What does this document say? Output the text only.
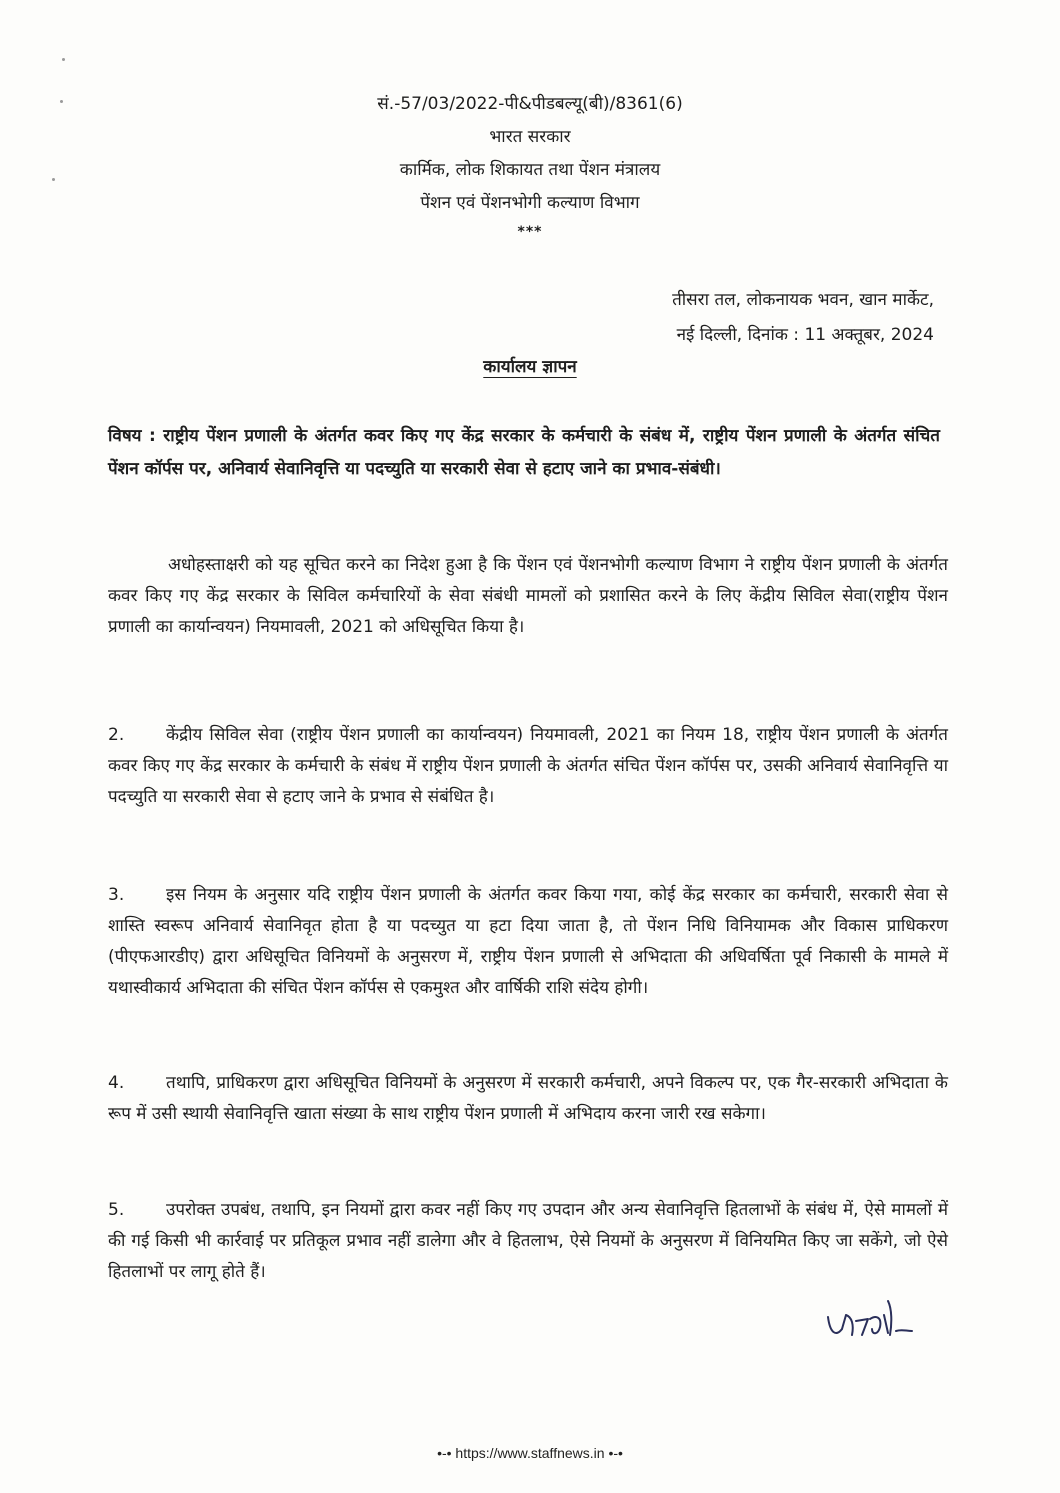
सं.-57/03/2022-पी&पीडबल्यू(बी)/8361(6)
भारत सरकार
कार्मिक, लोक शिकायत तथा पेंशन मंत्रालय
पेंशन एवं पेंशनभोगी कल्याण विभाग
***
तीसरा तल, लोकनायक भवन, खान मार्केट,
नई दिल्ली, दिनांक : 11 अक्तूबर, 2024
कार्यालय ज्ञापन
विषय : राष्ट्रीय पेंशन प्रणाली के अंतर्गत कवर किए गए केंद्र सरकार के कर्मचारी के संबंध में, राष्ट्रीय पेंशन प्रणाली के अंतर्गत संचित पेंशन कॉर्पस पर, अनिवार्य सेवानिवृत्ति या पदच्युति या सरकारी सेवा से हटाए जाने का प्रभाव-संबंधी।
अधोहस्ताक्षरी को यह सूचित करने का निदेश हुआ है कि पेंशन एवं पेंशनभोगी कल्याण विभाग ने राष्ट्रीय पेंशन प्रणाली के अंतर्गत कवर किए गए केंद्र सरकार के सिविल कर्मचारियों के सेवा संबंधी मामलों को प्रशासित करने के लिए केंद्रीय सिविल सेवा(राष्ट्रीय पेंशन प्रणाली का कार्यान्वयन) नियमावली, 2021 को अधिसूचित किया है।
2. केंद्रीय सिविल सेवा (राष्ट्रीय पेंशन प्रणाली का कार्यान्वयन) नियमावली, 2021 का नियम 18, राष्ट्रीय पेंशन प्रणाली के अंतर्गत कवर किए गए केंद्र सरकार के कर्मचारी के संबंध में राष्ट्रीय पेंशन प्रणाली के अंतर्गत संचित पेंशन कॉर्पस पर, उसकी अनिवार्य सेवानिवृत्ति या पदच्युति या सरकारी सेवा से हटाए जाने के प्रभाव से संबंधित है।
3. इस नियम के अनुसार यदि राष्ट्रीय पेंशन प्रणाली के अंतर्गत कवर किया गया, कोई केंद्र सरकार का कर्मचारी, सरकारी सेवा से शास्ति स्वरूप अनिवार्य सेवानिवृत होता है या पदच्युत या हटा दिया जाता है, तो पेंशन निधि विनियामक और विकास प्राधिकरण (पीएफआरडीए) द्वारा अधिसूचित विनियमों के अनुसरण में, राष्ट्रीय पेंशन प्रणाली से अभिदाता की अधिवर्षिता पूर्व निकासी के मामले में यथास्वीकार्य अभिदाता की संचित पेंशन कॉर्पस से एकमुश्त और वार्षिकी राशि संदेय होगी।
4. तथापि, प्राधिकरण द्वारा अधिसूचित विनियमों के अनुसरण में सरकारी कर्मचारी, अपने विकल्प पर, एक गैर-सरकारी अभिदाता के रूप में उसी स्थायी सेवानिवृत्ति खाता संख्या के साथ राष्ट्रीय पेंशन प्रणाली में अभिदाय करना जारी रख सकेगा।
5. उपरोक्त उपबंध, तथापि, इन नियमों द्वारा कवर नहीं किए गए उपदान और अन्य सेवानिवृत्ति हितलाभों के संबंध में, ऐसे मामलों में की गई किसी भी कार्रवाई पर प्रतिकूल प्रभाव नहीं डालेगा और वे हितलाभ, ऐसे नियमों के अनुसरण में विनियमित किए जा सकेंगे, जो ऐसे हितलाभों पर लागू होते हैं।
•-• https://www.staffnews.in •-•
